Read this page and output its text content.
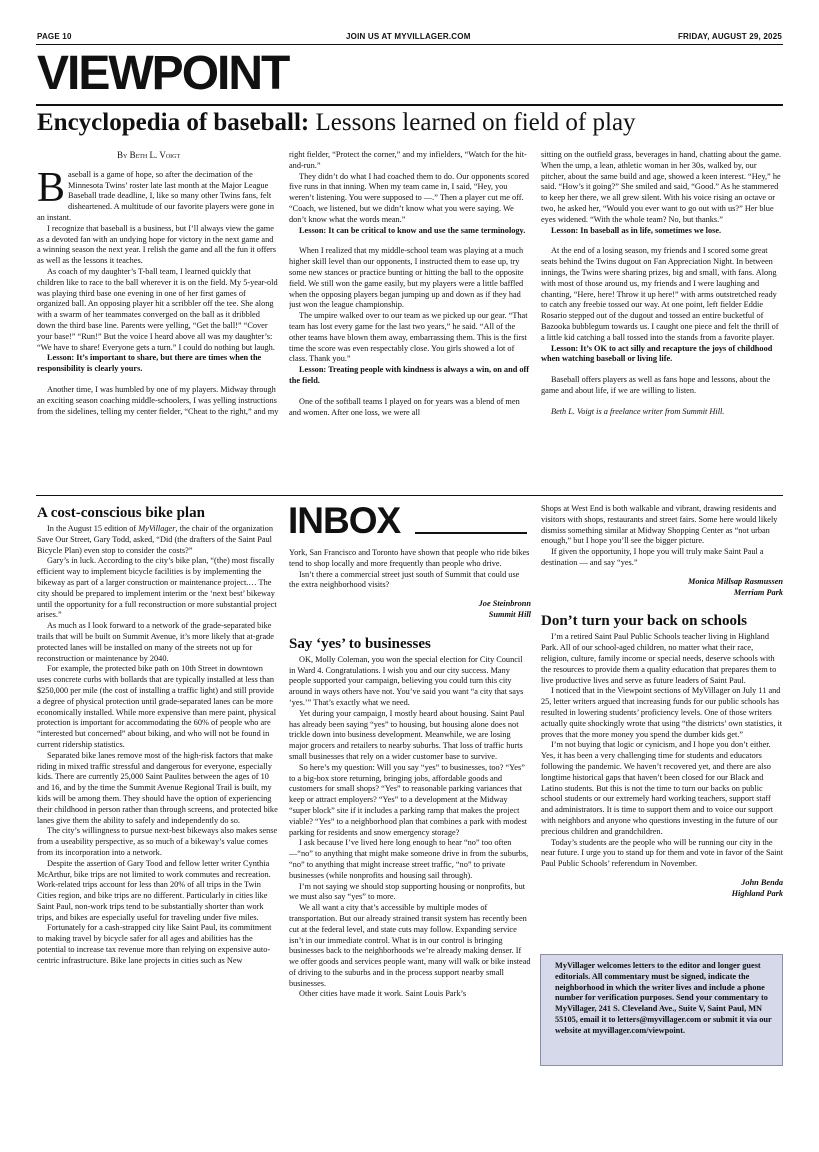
PAGE 10	JOIN US AT MYVILLAGER.COM	FRIDAY, AUGUST 29, 2025
VIEWPOINT
Encyclopedia of baseball: Lessons learned on field of play

By Beth L. Voigt

Baseball is a game of hope, so after the decimation of the Minnesota Twins’ roster late last month at the Major League Baseball trade deadline, I, like so many other Twins fans, felt disheartened. A multitude of our favorite players were gone in an instant.

I recognize that baseball is a business, but I’ll always view the game as a devoted fan with an undying hope for victory in the next game and a winning season the next year. I relish the game and all the fun it offers as well as the lessons it teaches.

As coach of my daughter’s T-ball team, I learned quickly that children like to race to the ball wherever it is on the field. My 5-year-old was playing third base one evening in one of her first games of organized ball. An opposing player hit a scribbler off the tee. She along with a swarm of her teammates converged on the ball as it dribbled down the third base line. Parents were yelling, “Get the ball!” “Cover your base!” “Run!” But the voice I heard above all was my daughter’s: “We have to share! Everyone gets a turn.” I could do nothing but laugh.

Lesson: It’s important to share, but there are times when the responsibility is clearly yours.

Another time, I was humbled by one of my players. Midway through an exciting season coaching middle-schoolers, I was yelling instructions from the sidelines, telling my center fielder, “Cheat to the right,” and my

right fielder, “Protect the corner,” and my infielders, “Watch for the hit-and-run.”

They didn’t do what I had coached them to do. Our opponents scored five runs in that inning. When my team came in, I said, “Hey, you weren’t listening. You were supposed to —.” Then a player cut me off. “Coach, we listened, but we didn’t know what you were saying. We don’t know what the words mean.”

Lesson: It can be critical to know and use the same terminology.

When I realized that my middle-school team was playing at a much higher skill level than our opponents, I instructed them to ease up, try some new stances or practice bunting or hitting the ball to the opposite field. We still won the game easily, but my players were a little baffled when the opposing players began jumping up and down as if they had just won the league championship.

The umpire walked over to our team as we picked up our gear. “That team has lost every game for the last two years,” he said. “All of the other teams have blown them away, embarrassing them. This is the first time the score was even respectably close. You girls showed a lot of class. Thank you.”

Lesson: Treating people with kindness is always a win, on and off the field.

One of the softball teams I played on for years was a blend of men and women. After one loss, we were all

sitting on the outfield grass, beverages in hand, chatting about the game. When the ump, a lean, athletic woman in her 30s, walked by, our pitcher, about the same build and age, showed a keen interest. “Hey,” he said. “How’s it going?” She smiled and said, “Good.” As he stammered to keep her there, we all grew silent. With his voice rising an octave or two, he asked her, “Would you ever want to go out with us?” Her blue eyes widened. “With the whole team? No, but thanks.”

Lesson: In baseball as in life, sometimes we lose.

At the end of a losing season, my friends and I scored some great seats behind the Twins dugout on Fan Appreciation Night. In between innings, the Twins were sharing prizes, big and small, with fans. Along with most of those around us, my friends and I were laughing and chanting, “Here, here! Throw it up here!” with arms outstretched ready to catch any freebie tossed our way. At one point, left fielder Eddie Rosario stepped out of the dugout and tossed an entire bucketful of Bazooka bubblegum towards us. I caught one piece and felt the thrill of a little kid catching a ball tossed into the stands from a favorite player.

Lesson: It’s OK to act silly and recapture the joys of childhood when watching baseball or living life.

Baseball offers players as well as fans hope and lessons, about the game and about life, if we are willing to listen.

Beth L. Voigt is a freelance writer from Summit Hill.

A cost-conscious bike plan

In the August 15 edition of MyVillager, the chair of the organization Save Our Street, Gary Todd, asked, “Did (the drafters of the Saint Paul Bicycle Plan) even stop to consider the costs?”

Gary’s in luck. According to the city’s bike plan, “(the) most fiscally efficient way to implement bicycle facilities is by implementing the bikeway as part of a larger construction or maintenance project.… The city should be prepared to implement interim or the ‘next best’ bikeway until the opportunity for a full reconstruction or more substantial project arises.”

As much as I look forward to a network of the grade-separated bike trails that will be built on Summit Avenue, it’s more likely that at-grade protected lanes will be installed on many of the streets not up for reconstruction or maintenance by 2040.

For example, the protected bike path on 10th Street in downtown uses concrete curbs with bollards that are typically installed at less than $250,000 per mile (the cost of installing a traffic light) and still provide a degree of physical protection until grade-separated lanes can be more economically installed. While more expensive than mere paint, physical protection is important for accommodating the 60% of people who are “interested but concerned” about biking, and who will not be found in current ridership statistics.

Separated bike lanes remove most of the high-risk factors that make riding in mixed traffic stressful and dangerous for everyone, especially kids. There are currently 25,000 Saint Paulites between the ages of 10 and 16, and by the time the Summit Avenue Regional Trail is built, my kids will be among them. They should have the option of experiencing their childhood in person rather than through screens, and protected bike lanes give them the ability to safely and independently do so.

The city’s willingness to pursue next-best bikeways also makes sense from a useability perspective, as so much of a bikeway’s value comes from its incorporation into a network.

Despite the assertion of Gary Tood and fellow letter writer Cynthia McArthur, bike trips are not limited to work commutes and recreation. Work-related trips account for less than 20% of all trips in the Twin Cities region, and bike trips are no different. Particularly in cities like Saint Paul, non-work trips tend to be substantially shorter than work trips, and bikes are especially useful for traveling under five miles.

Fortunately for a cash-strapped city like Saint Paul, its commitment to making travel by bicycle safer for all ages and abilities has the potential to increase tax revenue more than relying on expensive auto-centric infrastructure. Bike lane projects in cities such as New

INBOX

York, San Francisco and Toronto have shown that people who ride bikes tend to shop locally and more frequently than people who drive.

Isn’t there a commercial street just south of Summit that could use the extra neighborhood visits?

Joe Steinbronn

Summit Hill

Say ‘yes’ to businesses

OK, Molly Coleman, you won the special election for City Council in Ward 4. Congratulations. I wish you and our city success. Many people supported your campaign, believing you could turn this city around in ways others have not. You’ve said you want “a city that says ‘yes.’” That’s exactly what we need.

Yet during your campaign, I mostly heard about housing. Saint Paul has already been saying “yes” to housing, but housing alone does not trickle down into business development. Meanwhile, we are losing major grocers and retailers to nearby suburbs. That loss of traffic hurts small businesses that rely on a wider customer base to survive.

So here’s my question: Will you say “yes” to businesses, too? “Yes” to a big-box store returning, bringing jobs, affordable goods and customers for small shops? “Yes” to reasonable parking variances that keep or attract employers? “Yes” to a development at the Midway “super block” site if it includes a parking ramp that makes the project viable? “Yes” to a neighborhood plan that combines a park with modest parking for residents and snow emergency storage?

I ask because I’ve lived here long enough to hear “no” too often—“no” to anything that might make someone drive in from the suburbs, “no” to anything that might increase street traffic, “no” to private businesses (while nonprofits and housing sail through).

I’m not saying we should stop supporting housing or nonprofits, but we must also say “yes” to more.

We all want a city that’s accessible by multiple modes of transportation. But our already strained transit system has recently been cut at the federal level, and state cuts may follow. Expanding service isn’t in our immediate control. What is in our control is bringing businesses back to the neighborhoods we’re already making denser. If we offer goods and services people want, many will walk or bike instead of driving to the suburbs and in the process support nearby small businesses.

Other cities have made it work. Saint Louis Park’s

Shops at West End is both walkable and vibrant, drawing residents and visitors with shops, restaurants and street fairs. Some here would likely dismiss something similar at Midway Shopping Center as “not urban enough,” but I hope you’ll see the bigger picture.

If given the opportunity, I hope you will truly make Saint Paul a destination — and say “yes.”

Monica Millsap Rasmussen

Merriam Park

Don’t turn your back on schools

I’m a retired Saint Paul Public Schools teacher living in Highland Park. All of our school-aged children, no matter what their race, religion, culture, family income or special needs, deserve schools with the resources to provide them a quality education that prepares them to live productive lives and serve as future leaders of Saint Paul.

I noticed that in the Viewpoint sections of MyVillager on July 11 and 25, letter writers argued that increasing funds for our public schools has resulted in lowering students’ proficiency levels. One of those writers actually quite shockingly wrote that using “the districts’ own statistics, it proves that the more money you spend the dumber kids get.”

I’m not buying that logic or cynicism, and I hope you don’t either. Yes, it has been a very challenging time for students and educators following the pandemic. We haven’t recovered yet, and there are also longtime historical gaps that haven’t been closed for our Black and Latino students. But this is not the time to turn our backs on public school students or our extremely hard working teachers, support staff and administrators. It is time to support them and to voice our support with neighbors and anyone who questions investing in the future of our precious children and grandchildren.

Today’s students are the people who will be running our city in the near future. I urge you to stand up for them and vote in favor of the Saint Paul Public Schools’ referendum in November.

John Benda

Highland Park

MyVillager welcomes letters to the editor and longer guest editorials. All commentary must be signed, indicate the neighborhood in which the writer lives and include a phone number for verification purposes. Send your commentary to MyVillager, 241 S. Cleveland Ave., Suite V, Saint Paul, MN 55105, email it to letters@myvillager.com or submit it via our website at myvillager.com/viewpoint.
